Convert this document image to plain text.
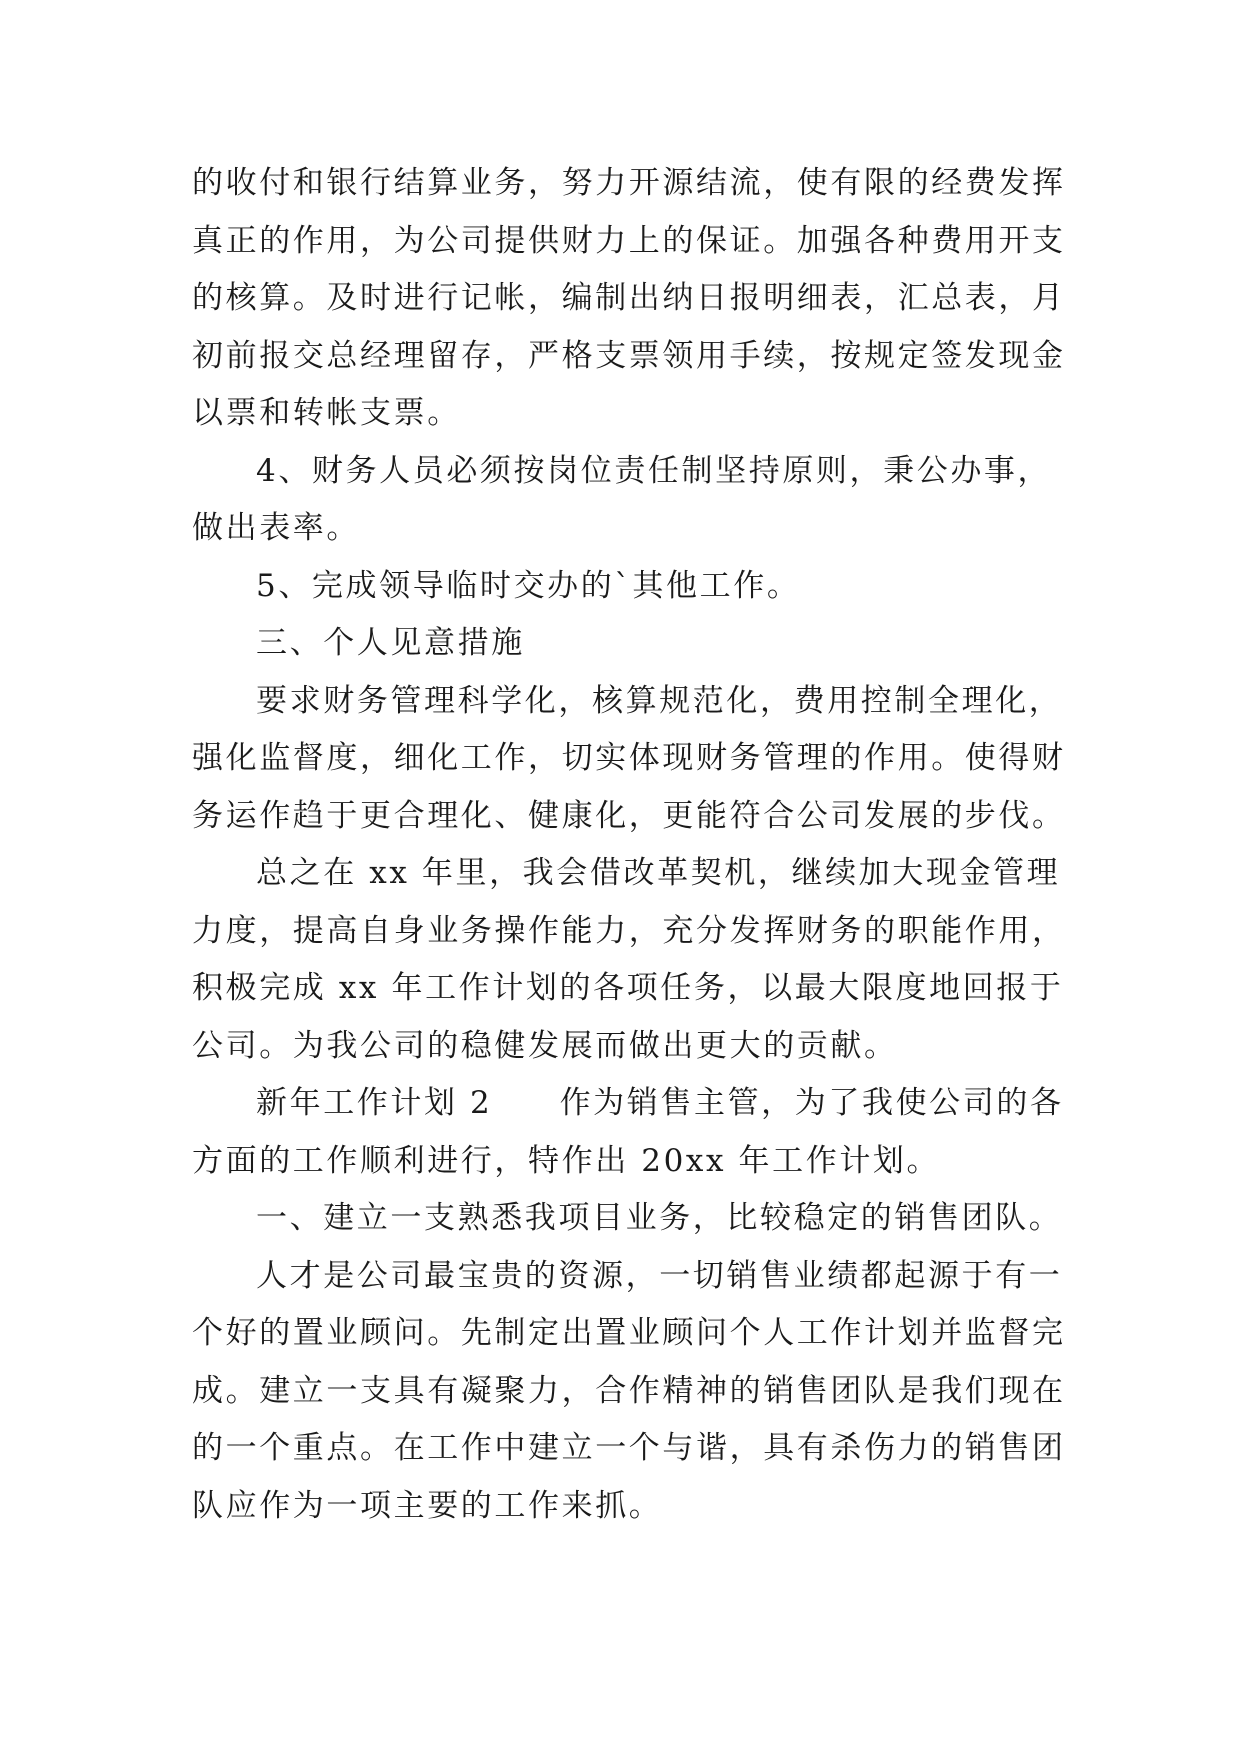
的收付和银行结算业务，努力开源结流，使有限的经费发挥
真正的作用，为公司提供财力上的保证。加强各种费用开支
的核算。及时进行记帐，编制出纳日报明细表，汇总表，月
初前报交总经理留存，严格支票领用手续，按规定签发现金
以票和转帐支票。
4、财务人员必须按岗位责任制坚持原则，秉公办事，
做出表率。
5、完成领导临时交办的`其他工作。
三、个人见意措施
要求财务管理科学化，核算规范化，费用控制全理化，
强化监督度，细化工作，切实体现财务管理的作用。使得财
务运作趋于更合理化、健康化，更能符合公司发展的步伐。
总之在 xx 年里，我会借改革契机，继续加大现金管理
力度，提高自身业务操作能力，充分发挥财务的职能作用，
积极完成 xx 年工作计划的各项任务，以最大限度地回报于
公司。为我公司的稳健发展而做出更大的贡献。
新年工作计划 2　　作为销售主管，为了我使公司的各
方面的工作顺利进行，特作出 20xx 年工作计划。
一、建立一支熟悉我项目业务，比较稳定的销售团队。
人才是公司最宝贵的资源，一切销售业绩都起源于有一
个好的置业顾问。先制定出置业顾问个人工作计划并监督完
成。建立一支具有凝聚力，合作精神的销售团队是我们现在
的一个重点。在工作中建立一个与谐，具有杀伤力的销售团
队应作为一项主要的工作来抓。
